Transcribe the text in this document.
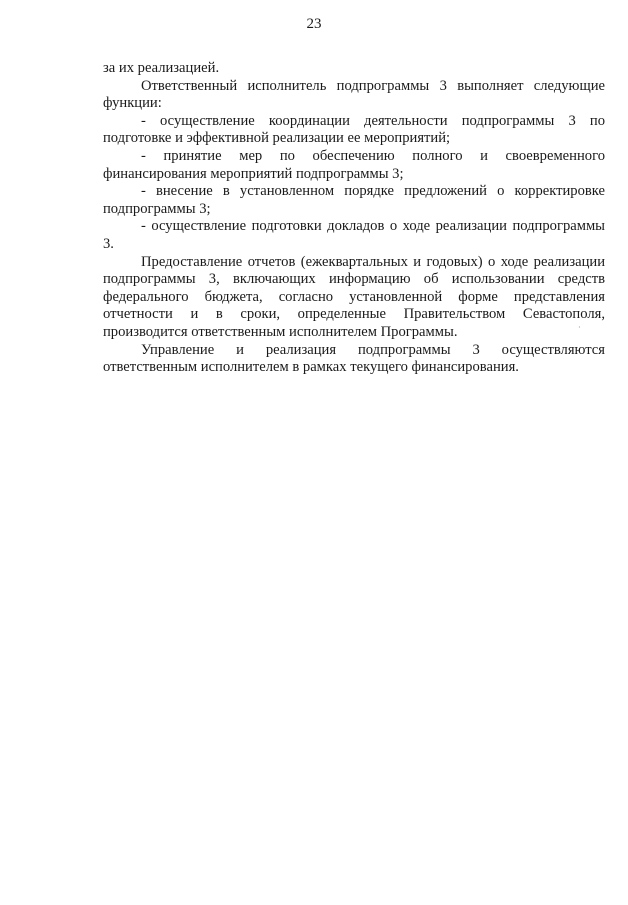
23

за их реализацией.

Ответственный исполнитель подпрограммы 3 выполняет следующие функции:

- осуществление координации деятельности подпрограммы 3 по подготовке и эффективной реализации ее мероприятий;

- принятие мер по обеспечению полного и своевременного финансирования мероприятий подпрограммы 3;

- внесение в установленном порядке предложений о корректировке подпрограммы 3;

- осуществление подготовки докладов о ходе реализации подпрограммы 3.

Предоставление отчетов (ежеквартальных и годовых) о ходе реализации подпрограммы 3, включающих информацию об использовании средств федерального бюджета, согласно установленной форме представления отчетности и в сроки, определенные Правительством Севастополя, производится ответственным исполнителем Программы.

Управление и реализация подпрограммы 3 осуществляются ответственным исполнителем в рамках текущего финансирования.

·
